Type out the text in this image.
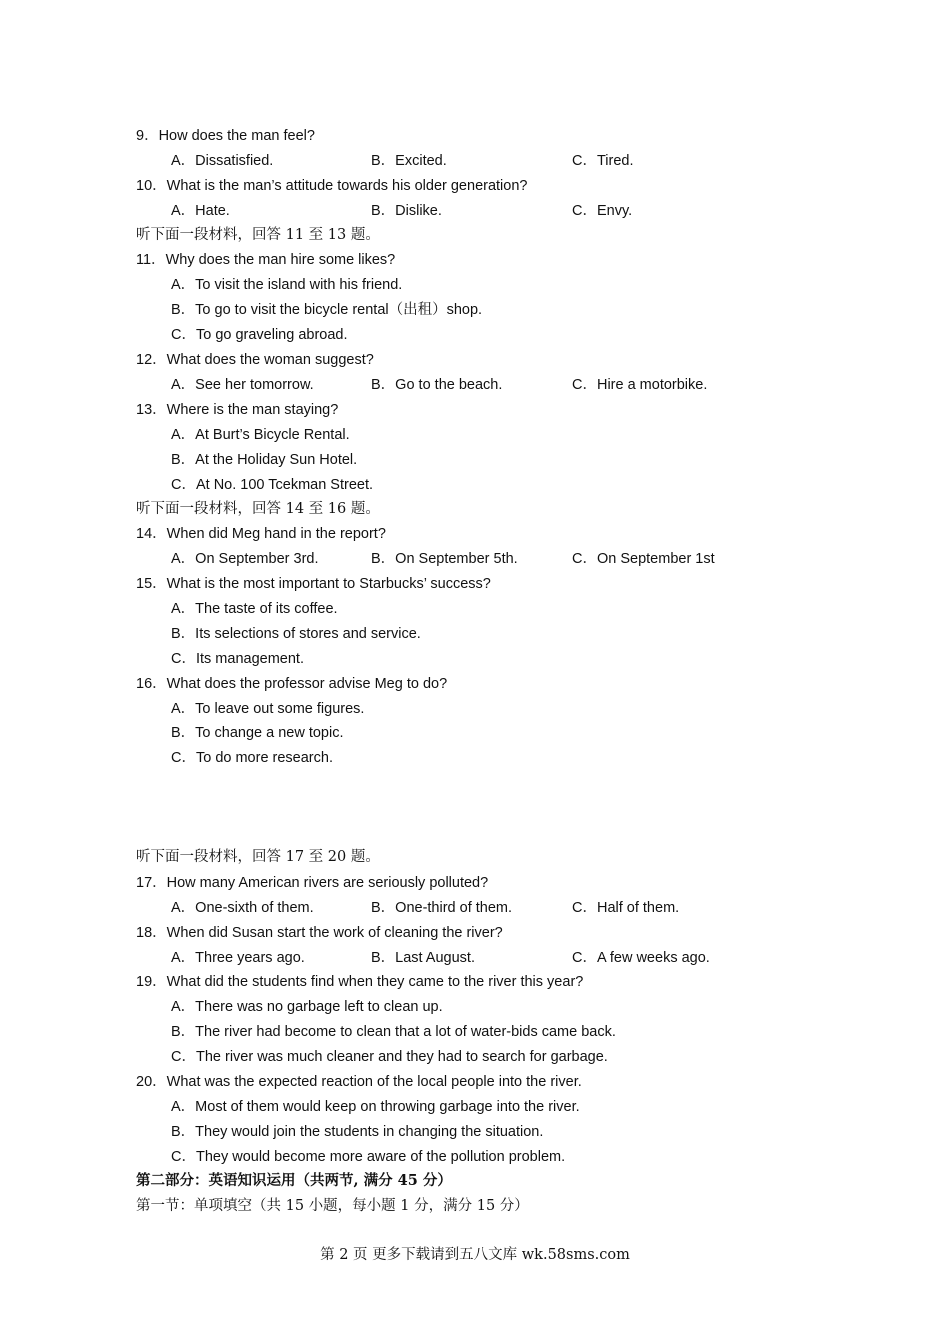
9．How does the man feel?
A．Dissatisfied.	B．Excited.	C．Tired.
10．What is the man’s attitude towards his older generation?
A．Hate.	B．Dislike.	C．Envy.
听下面一段材料，回答 11 至 13 题。
11．Why does the man hire some likes?
A．To visit the island with his friend.
B．To go to visit the bicycle rental（出租）shop.
C．To go graveling abroad.
12．What does the woman suggest?
A．See her tomorrow.	B．Go to the beach.	C．Hire a motorbike.
13．Where is the man staying?
A．At Burt’s Bicycle Rental.
B．At the Holiday Sun Hotel.
C．At No. 100 Tcekman Street.
听下面一段材料，回答 14 至 16 题。
14．When did Meg hand in the report?
A．On September 3rd.	B．On September 5th.	C．On September 1st
15．What is the most important to Starbucks’ success?
A．The taste of its coffee.
B．Its selections of stores and service.
C．Its management.
16．What does the professor advise Meg to do?
A．To leave out some figures.
B．To change a new topic.
C．To do more research.
听下面一段材料，回答 17 至 20 题。
17．How many American rivers are seriously polluted?
A．One-sixth of them.	B．One-third of them.	C．Half of them.
18．When did Susan start the work of cleaning the river?
A．Three years ago.	B．Last August.	C．A few weeks ago.
19．What did the students find when they came to the river this year?
A．There was no garbage left to clean up.
B．The river had become to clean that a lot of water-bids came back.
C．The river was much cleaner and they had to search for garbage.
20．What was the expected reaction of the local people into the river.
A．Most of them would keep on throwing garbage into the river.
B．They would join the students in changing the situation.
C．They would become more aware of the pollution problem.
第二部分：英语知识运用（共两节, 满分 45 分）
第一节：单项填空（共 15 小题，每小题 1 分，满分 15 分）
第 2 页 更多下载请到五八文库 wk.58sms.com
